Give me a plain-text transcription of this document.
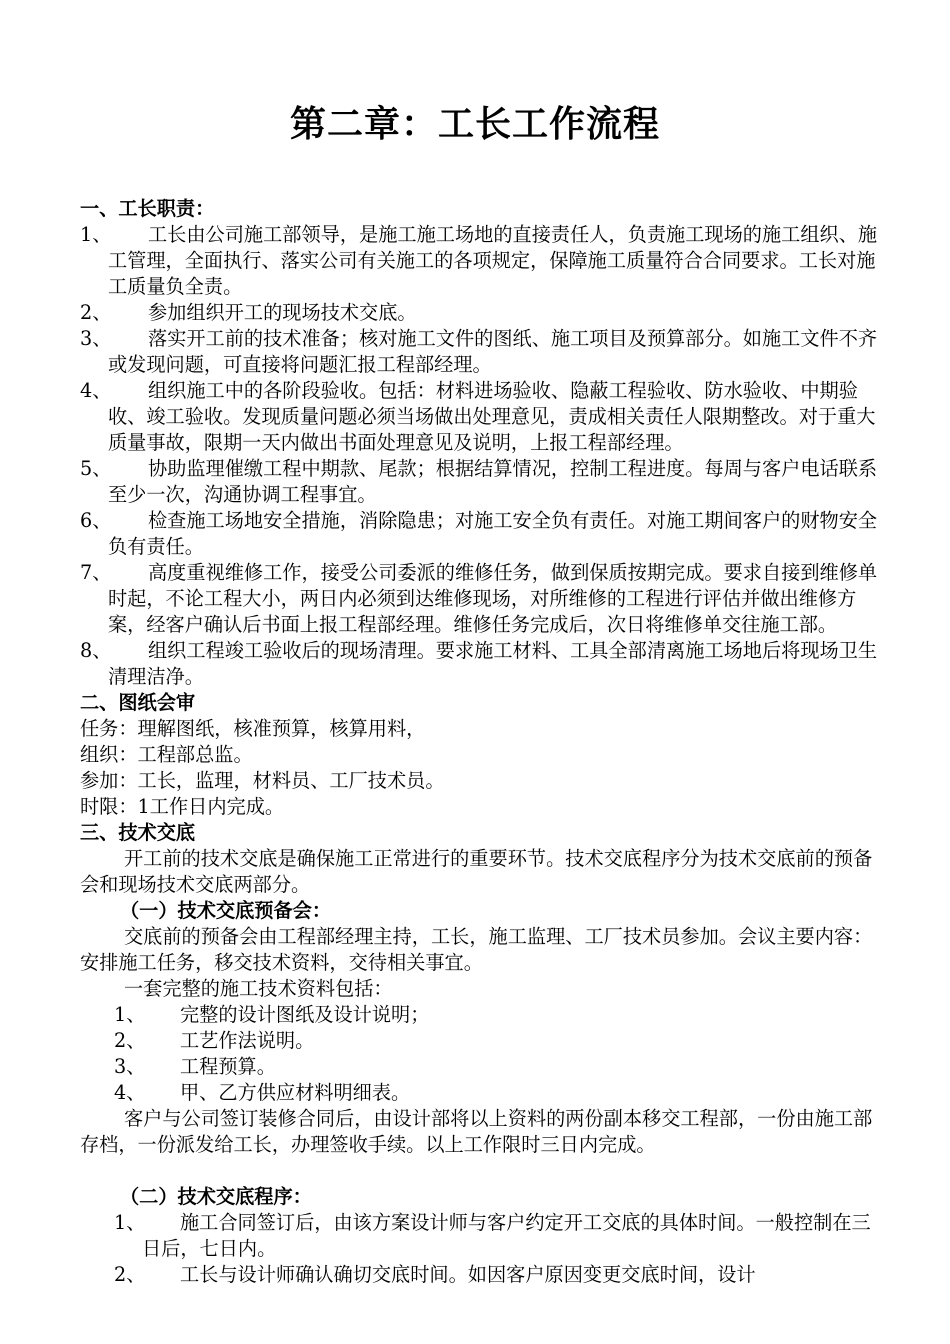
第二章：工长工作流程
一、工长职责：
1、	工长由公司施工部领导，是施工施工场地的直接责任人，负责施工现场的施工组织、施工管理，全面执行、落实公司有关施工的各项规定，保障施工质量符合合同要求。工长对施工质量负全责。
2、	参加组织开工的现场技术交底。
3、	落实开工前的技术准备；核对施工文件的图纸、施工项目及预算部分。如施工文件不齐或发现问题，可直接将问题汇报工程部经理。
4、	组织施工中的各阶段验收。包括：材料进场验收、隐蔽工程验收、防水验收、中期验收、竣工验收。发现质量问题必须当场做出处理意见，责成相关责任人限期整改。对于重大质量事故，限期一天内做出书面处理意见及说明，上报工程部经理。
5、	协助监理催缴工程中期款、尾款；根据结算情况，控制工程进度。每周与客户电话联系至少一次，沟通协调工程事宜。
6、	检查施工场地安全措施，消除隐患；对施工安全负有责任。对施工期间客户的财物安全负有责任。
7、	高度重视维修工作，接受公司委派的维修任务，做到保质按期完成。要求自接到维修单时起，不论工程大小，两日内必须到达维修现场，对所维修的工程进行评估并做出维修方案，经客户确认后书面上报工程部经理。维修任务完成后，次日将维修单交往施工部。
8、	组织工程竣工验收后的现场清理。要求施工材料、工具全部清离施工场地后将现场卫生清理洁净。
二、图纸会审
任务：理解图纸，核准预算，核算用料，
组织：工程部总监。
参加：工长，监理，材料员、工厂技术员。
时限：1工作日内完成。
三、技术交底
开工前的技术交底是确保施工正常进行的重要环节。技术交底程序分为技术交底前的预备会和现场技术交底两部分。
（一）技术交底预备会：
交底前的预备会由工程部经理主持，工长，施工监理、工厂技术员参加。会议主要内容：安排施工任务，移交技术资料，交待相关事宜。
一套完整的施工技术资料包括：
1、	完整的设计图纸及设计说明；
2、	工艺作法说明。
3、	工程预算。
4、	甲、乙方供应材料明细表。
客户与公司签订装修合同后，由设计部将以上资料的两份副本移交工程部，一份由施工部存档，一份派发给工长，办理签收手续。以上工作限时三日内完成。
（二）技术交底程序：
1、	施工合同签订后，由该方案设计师与客户约定开工交底的具体时间。一般控制在三日后，七日内。
2、	工长与设计师确认确切交底时间。如因客户原因变更交底时间，设计
